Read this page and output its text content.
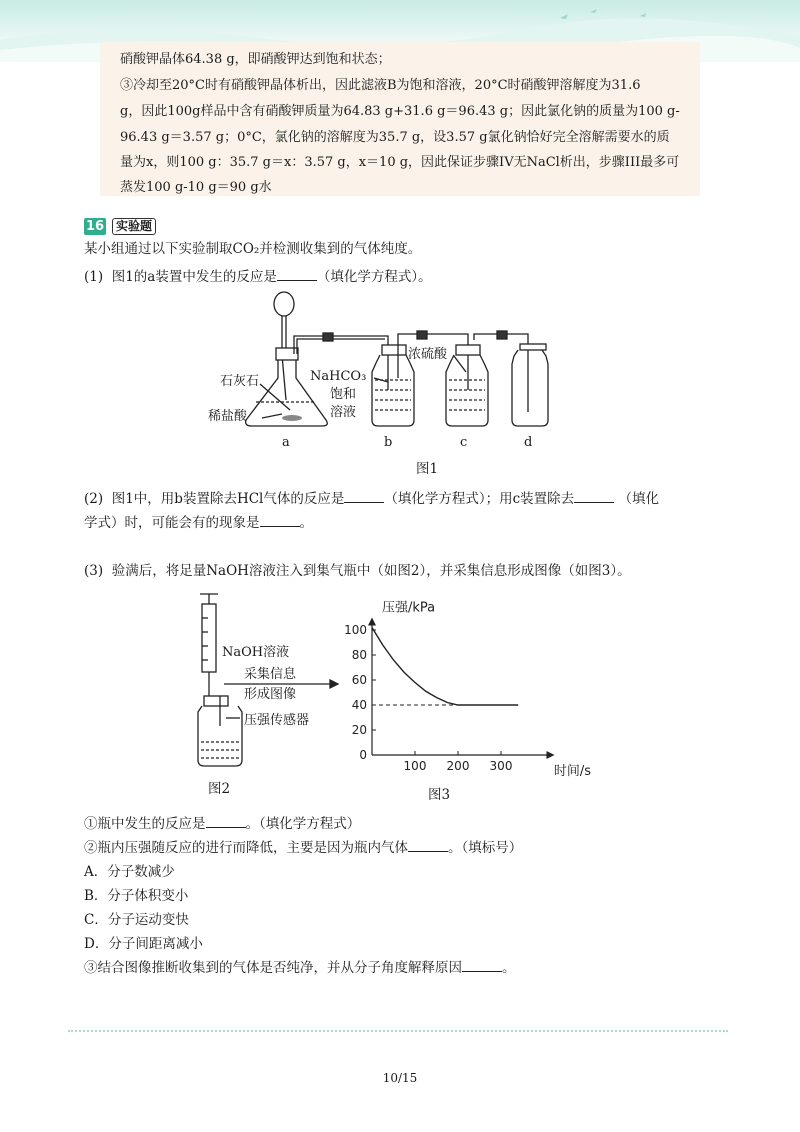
硝酸钾晶体64.38 g，即硝酸钾达到饱和状态；

③冷却至20°C时有硝酸钾晶体析出，因此滤液B为饱和溶液，20°C时硝酸钾溶解度为31.6

g，因此100g样品中含有硝酸钾质量为64.83 g+31.6 g＝96.43 g；因此氯化钠的质量为100 g-

96.43 g＝3.57 g；0°C，氯化钠的溶解度为35.7 g，设3.57 g氯化钠恰好完全溶解需要水的质

量为x，则100 g：35.7 g＝x：3.57 g，x＝10 g，因此保证步骤IV无NaCl析出，步骤III最多可

蒸发100 g-10 g＝90 g水

16 实验题
某小组通过以下实验制取CO₂并检测收集到的气体纯度。
(1) 图1的a装置中发生的反应是	（填化学方程式）。
石灰石
稀盐酸
NaHCO₃
饱和
溶液
浓硫酸
a	b	c	d
图1
(2) 图1中，用b装置除去HCl气体的反应是	（填化学方程式）；用c装置除去	（填化
学式）时，可能会有的现象是	。
(3) 验满后，将足量NaOH溶液注入到集气瓶中（如图2），并采集信息形成图像（如图3）。
NaOH溶液
采集信息
形成图像
压强传感器
图2
100
80
60
40
20
0
100 200 300
压强/kPa
时间/s
图3
①瓶中发生的反应是	。（填化学方程式）
②瓶内压强随反应的进行而降低，主要是因为瓶内气体	。（填标号）
A．分子数减少
B．分子体积变小
C．分子运动变快
D．分子间距离减小
③结合图像推断收集到的气体是否纯净，并从分子角度解释原因	。
10/15
